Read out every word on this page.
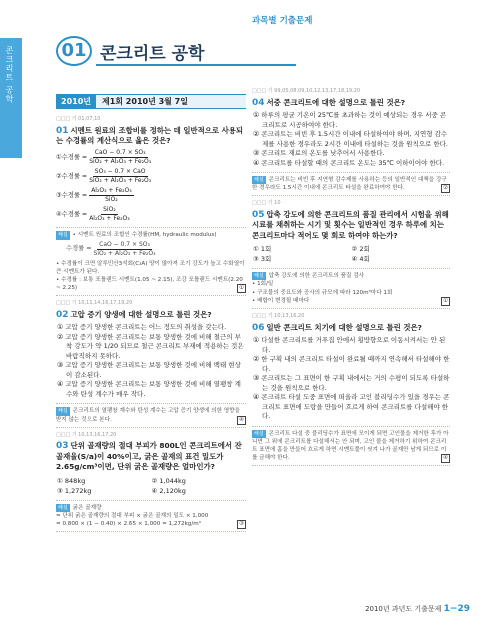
콘크리트 공학
과목별 기출문제
01 콘크리트 공학
2010년	제1회 2010년 3월 7일
□□□ 기 01,07,10
01 시멘트 원료의 조합비를 정하는 데 일반적으로 사용되는 수경률의 계산식으로 옳은 것은?
① 수경률 = $\frac{\text{CaO − 0.7 × SO₃}}{\text{SiO₂ + Al₂O₃ + Fe₂O₃}}$
② 수경률 = $\frac{\text{SO₃ − 0.7 × CaO}}{\text{SiO₂ + Al₂O₃ + Fe₂O₃}}$
③ 수경률 = $\frac{\text{Al₂O₃ + Fe₂O₃}}{\text{SiO₂}}$
④ 수경률 = $\frac{\text{SiO₂}}{\text{Al₂O₃ + Fe₂O₃}}$
해설 • 시멘트 원료의 조합인 수경률(HM, hydraulic modulus)
수경률 = $\frac{\text{CaO − 0.7 × SO₃}}{\text{SiO₂ + Al₂O₃ + Fe₂O₃}}$
• 수경률이 크면 알루민산3석회(C₃A) 양이 많아져 조기 강도가 높고 수화열이 큰 시멘트가 된다.
• 수경률 : 보통 포틀랜드 시멘트(1.05 ~ 2.15), 조강 포틀랜드 시멘트(2.20 ~ 2.25)	①
□□□ 기 10,11,14,16,17,19,20
02 고압 증기 양생에 대한 설명으로 틀린 것은?
① 고압 증기 양생한 콘크리트는 어느 정도의 취성을 갖는다.
② 고압 증기 양생한 콘크리트는 보통 양생한 것에 비해 철근의 부착 강도가 약 1/20 되므로 철근 콘크리트 부재에 적용하는 것은 바람직하지 못하다.
③ 고압 증기 양생한 콘크리트는 보통 양생한 것에 비해 백태 현상이 감소된다.
④ 고압 증기 양생한 콘크리트는 보통 양생한 것에 비해 열팽창 계수와 탄성 계수가 매우 작다.
해설 콘크리트의 열팽창 계수와 탄성 계수는 고압 증기 양생에 의한 영향을 받지 않는 것으로 본다.	④
□□□ 기 10,13,16,17,20
03 단위 골재량의 절대 부피가 800L인 콘크리트에서 잔 골재율(S/a)이 40%이고, 굵은 골재의 표건 밀도가 2.65g/cm³이면, 단위 굵은 골재량은 얼마인가?
① 848kg	② 1,044kg
③ 1,272kg	④ 2,120kg
해설 굵은 골재량
= 단위 굵은 골재량의 절대 부피 × 굵은 골재의 밀도 × 1,000
= 0.800 × (1 − 0.40) × 2.65 × 1,000 = 1,272kg/m³	③
□□□ 기 99,05,08,09,10,12,13,17,18,19,20
04 서중 콘크리트에 대한 설명으로 틀린 것은?
① 하루의 평균 기온이 25℃를 초과하는 것이 예상되는 경우 서중 콘크리트로 시공하여야 한다.
② 콘크리트는 비빈 후 1.5시간 이내에 타설하여야 하며, 지연형 감수제를 사용한 경우라도 2시간 이내에 타설하는 것을 원칙으로 한다.
③ 콘크리트 재료의 온도를 낮추어서 사용한다.
④ 콘크리트를 타설할 때의 콘크리트 온도는 35℃ 이하이어야 한다.
해설 콘크리트는 비빈 후 지연형 감수제를 사용하는 등의 일반적인 대책을 강구한 경우라도 1.5시간 이내에 콘크리트 타설을 완료하여야 한다.	②
□□□ 기 10
05 압축 강도에 의한 콘크리트의 품질 관리에서 시험을 위해 시료를 채취하는 시기 및 횟수는 일반적인 경우 하루에 치는 콘크리트마다 적어도 몇 회로 하여야 하는가?
① 1회	② 2회
③ 3회	④ 4회
해설 압축 강도에 의한 콘크리트의 품질 검사
• 1회/일
• 구조물의 중요도와 공사의 규모에 따라 120m³마다 1회
• 배합이 변경될 때마다	①
□□□ 기 10,13,16,20
06 일반 콘크리트 치기에 대한 설명으로 틀린 것은?
① 다설한 콘크리트를 거푸집 안에서 횡방향으로 이동시켜서는 안 된다.
② 한 구획 내의 콘크리트 타설이 완료될 때까지 연속해서 타설해야 한다.
③ 콘크리트는 그 표면이 한 구획 내에서는 거의 수평이 되도록 타설하는 것을 원칙으로 한다.
④ 콘크리트 타설 도중 표면에 떠올라 고인 블리딩수가 있을 경우는 콘크리트 표면에 도랑을 만들어 흐르게 하여 콘크리트를 다설해야 한다.
해설 콘크리트 다설 중 블리딩수가 표면에 모이게 되면 고인물을 제거한 후가 아니면 그 위에 콘크리트를 다설해서는 안 되며, 고인 물을 제거하기 위하여 콘크리트 표면에 홈을 만들어 흐르게 하면 시멘트풀이 씻겨 나가 골재만 남게 되므로 이를 금해야 한다.	④
2010년 과년도 기출문제 1−29
